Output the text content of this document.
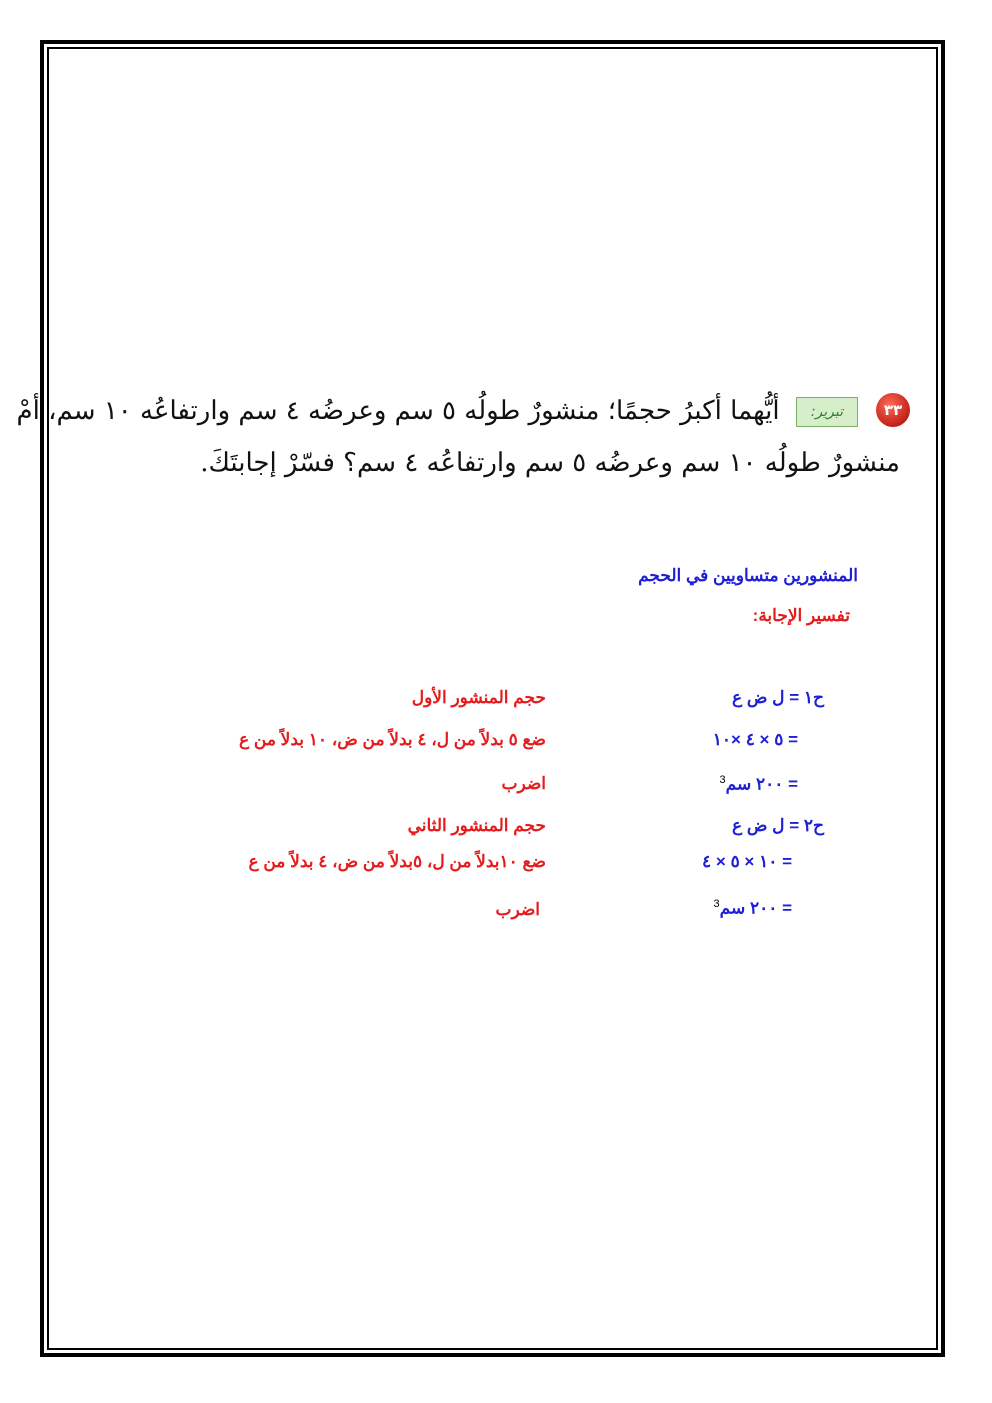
٣٣
تبرير: أيُّهما أكبرُ حجمًا؛ منشورٌ طولُه ٥ سم وعرضُه ٤ سم وارتفاعُه ١٠ سم، أمْ
منشورٌ طولُه ١٠ سم وعرضُه ٥ سم وارتفاعُه ٤ سم؟ فسّرْ إجابتَكَ.
المنشورين متساويين في الحجم
تفسير الإجابة:
ح١ = ل ض ع
حجم المنشور الأول
= ٥ × ٤ ×١٠
ضع ٥ بدلاً من ل، ٤ بدلاً من ض، ١٠ بدلاً من ع
= ٢٠٠ سم$^3$
اضرب
ح٢ = ل ض ع
حجم المنشور الثاني
= ١٠ × ٥ × ٤
ضع ١٠بدلاً من ل، ٥بدلاً من ض، ٤ بدلاً من ع
= ٢٠٠ سم$^3$
اضرب
